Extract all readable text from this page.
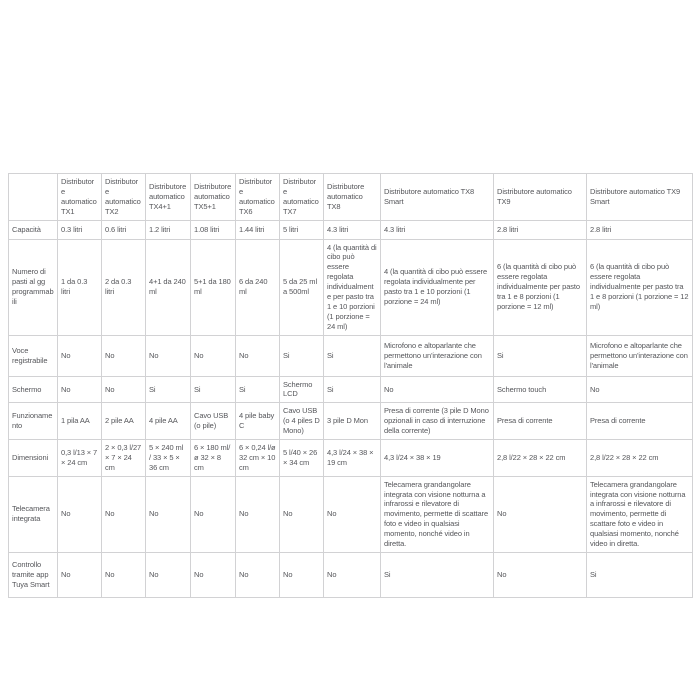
	Distributore automatico TX1	Distributore automatico TX2	Distributore automatico TX4+1	Distributore automatico TX5+1	Distributore automatico TX6	Distributore automatico TX7	Distributore automatico TX8	Distributore automatico TX8 Smart	Distributore automatico TX9	Distributore automatico TX9 Smart
Capacità	0.3 litri	0.6 litri	1.2 litri	1.08 litri	1.44 litri	5 litri	4.3 litri	4.3 litri	2.8 litri	2.8 litri
Numero di pasti al gg programmabili	1 da 0.3 litri	2 da 0.3 litri	4+1 da 240 ml	5+1 da 180 ml	6 da 240 ml	5 da 25 ml a 500ml	4 (la quantità di cibo può essere regolata individualmente per pasto tra 1 e 10 porzioni (1 porzione = 24 ml)	4 (la quantità di cibo può essere regolata individualmente per pasto tra 1 e 10 porzioni (1 porzione = 24 ml)	6 (la quantità di cibo può essere regolata individualmente per pasto tra 1 e 8 porzioni (1 porzione = 12 ml)	6 (la quantità di cibo può essere regolata individualmente per pasto tra 1 e 8 porzioni (1 porzione = 12 ml)
Voce registrabile	No	No	No	No	No	Si	Si	Microfono e altoparlante che permettono un'interazione con l'animale	Si	Microfono e altoparlante che permettono un'interazione con l'animale
Schermo	No	No	Si	Si	Si	Schermo LCD	Si	No	Schermo touch	No
Funzionamento	1 pila AA	2 pile AA	4 pile AA	Cavo USB (o pile)	4 pile baby C	Cavo USB (o 4 piles D Mono)	3 pile D Mon	Presa di corrente (3 pile D Mono opzionali in caso di interruzione della corrente)	Presa di corrente	Presa di corrente
Dimensioni	0,3 l/13 × 7 × 24 cm	2 × 0,3 l/27 × 7 × 24 cm	5 × 240 ml / 33 × 5 × 36 cm	6 × 180 ml/ø 32 × 8 cm	6 × 0,24 l/ø 32 cm × 10 cm	5 l/40 × 26 × 34 cm	4,3 l/24 × 38 × 19 cm	4,3 l/24 × 38 × 19	2,8 l/22 × 28 × 22 cm	2,8 l/22 × 28 × 22 cm
Telecamera integrata	No	No	No	No	No	No	No	Telecamera grandangolare integrata con visione notturna a infrarossi e rilevatore di movimento, permette di scattare foto e video in qualsiasi momento, nonché video in diretta.	No	Telecamera grandangolare integrata con visione notturna a infrarossi e rilevatore di movimento, permette di scattare foto e video in qualsiasi momento, nonché video in diretta.
Controllo tramite app Tuya Smart	No	No	No	No	No	No	No	Si	No	Si
